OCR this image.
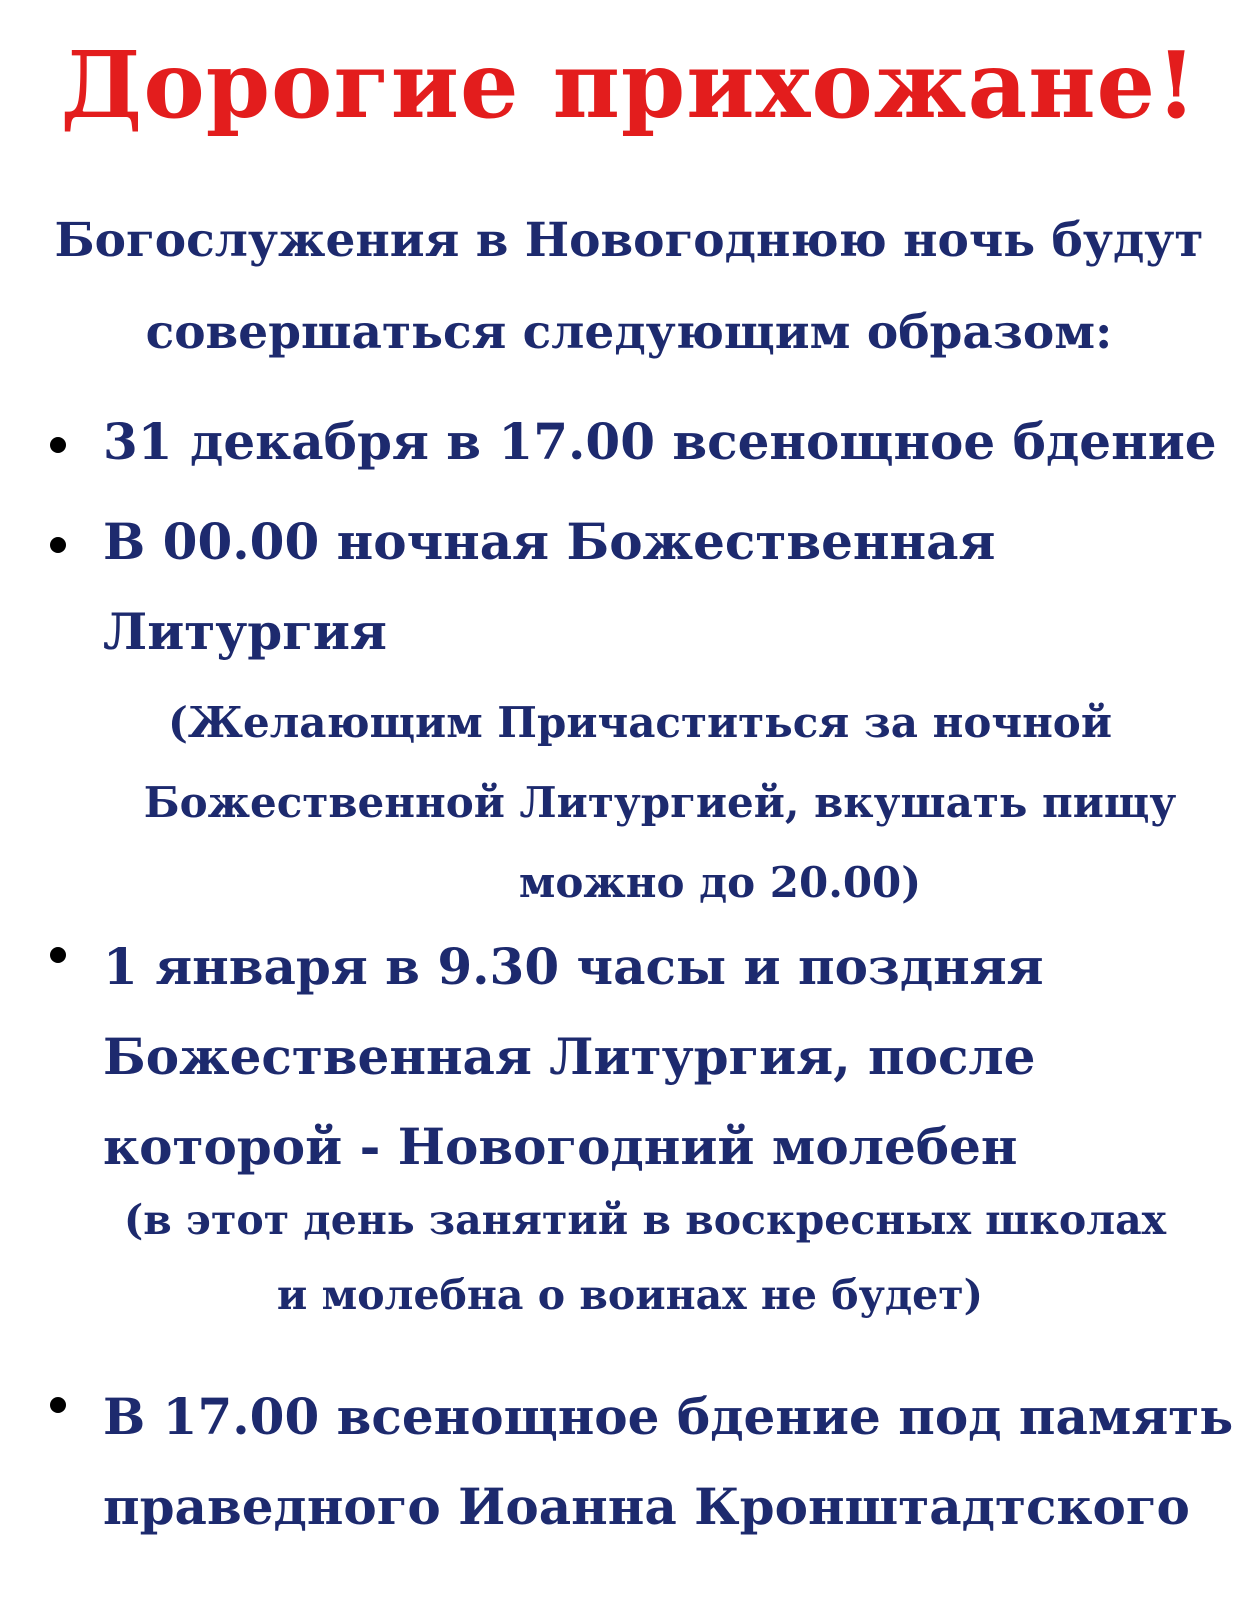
Дорогие прихожане!
Богослужения в Новогоднюю ночь будут
совершаться следующим образом:
31 декабря в 17.00 всенощное бдение
В 00.00 ночная Божественная
Литургия
(Желающим Причаститься за ночной
Божественной Литургией, вкушать пищу
можно до 20.00)
1 января в 9.30 часы и поздняя
Божественная Литургия, после
которой - Новогодний молебен
(в этот день занятий в воскресных школах
и молебна о воинах не будет)
В 17.00 всенощное бдение под память
праведного Иоанна Кронштадтского
